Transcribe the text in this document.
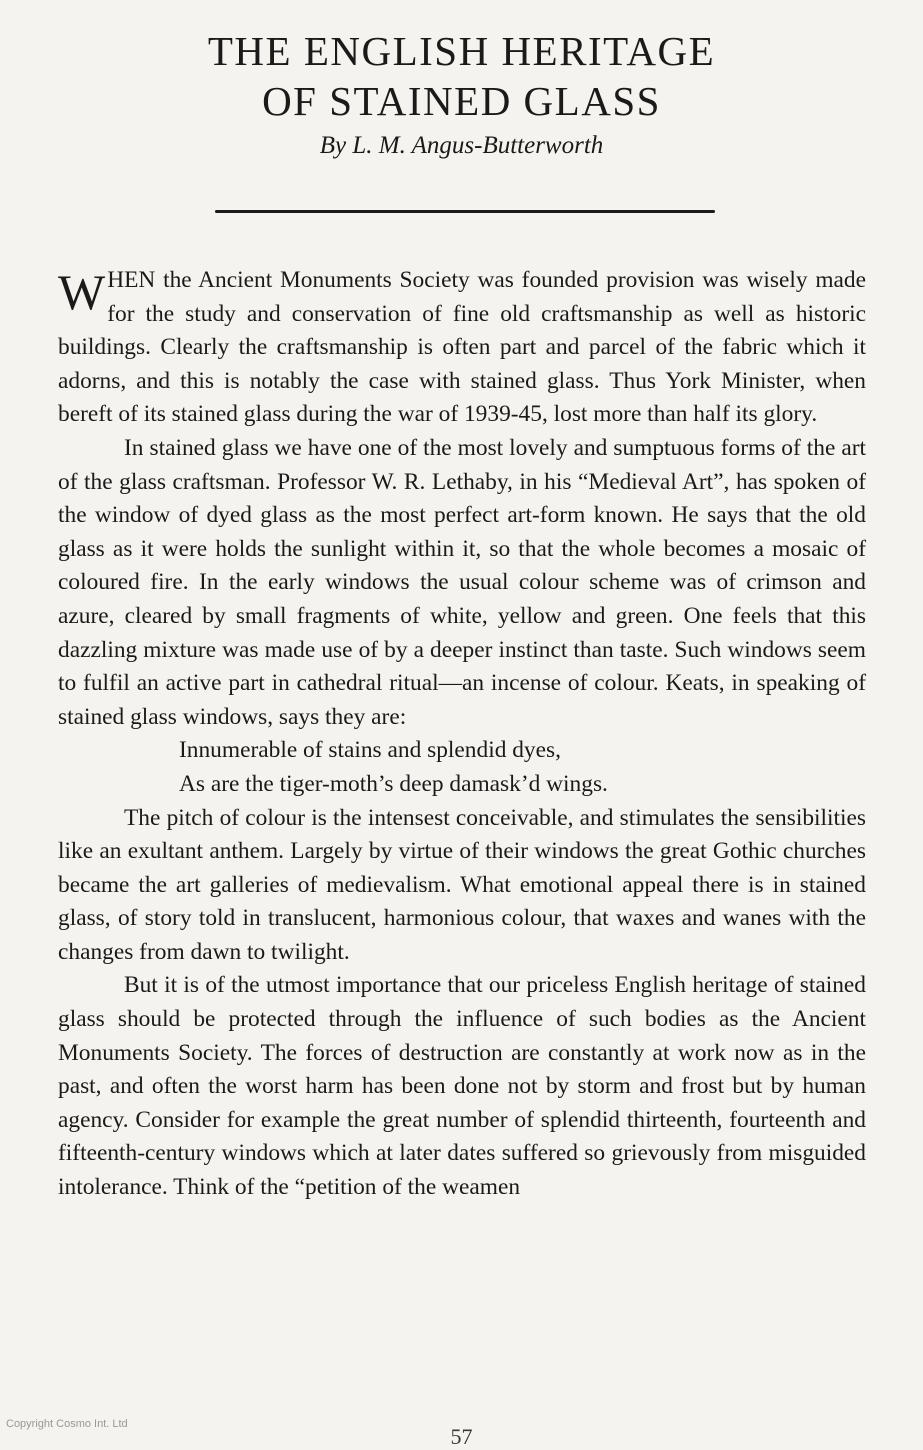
THE ENGLISH HERITAGE
OF STAINED GLASS

By L. M. Angus-Butterworth

WHEN the Ancient Monuments Society was founded provision was wisely made for the study and conservation of fine old craftsmanship as well as historic buildings. Clearly the craftsmanship is often part and parcel of the fabric which it adorns, and this is notably the case with stained glass. Thus York Minister, when bereft of its stained glass during the war of 1939-45, lost more than half its glory.

In stained glass we have one of the most lovely and sumptuous forms of the art of the glass craftsman. Professor W. R. Lethaby, in his “Medieval Art”, has spoken of the window of dyed glass as the most perfect art-form known. He says that the old glass as it were holds the sunlight within it, so that the whole becomes a mosaic of coloured fire. In the early windows the usual colour scheme was of crimson and azure, cleared by small fragments of white, yellow and green. One feels that this dazzling mixture was made use of by a deeper instinct than taste. Such windows seem to fulfil an active part in cathedral ritual—an incense of colour. Keats, in speaking of stained glass windows, says they are:

Innumerable of stains and splendid dyes,
As are the tiger-moth’s deep damask’d wings.

The pitch of colour is the intensest conceivable, and stimulates the sensibilities like an exultant anthem. Largely by virtue of their windows the great Gothic churches became the art galleries of medievalism. What emotional appeal there is in stained glass, of story told in translucent, harmonious colour, that waxes and wanes with the changes from dawn to twilight.

But it is of the utmost importance that our priceless English heritage of stained glass should be protected through the influence of such bodies as the Ancient Monuments Society. The forces of destruction are constantly at work now as in the past, and often the worst harm has been done not by storm and frost but by human agency. Consider for example the great number of splendid thirteenth, fourteenth and fifteenth-century windows which at later dates suffered so grievously from misguided intolerance. Think of the “petition of the weamen

Copyright Cosmo Int. Ltd	57
